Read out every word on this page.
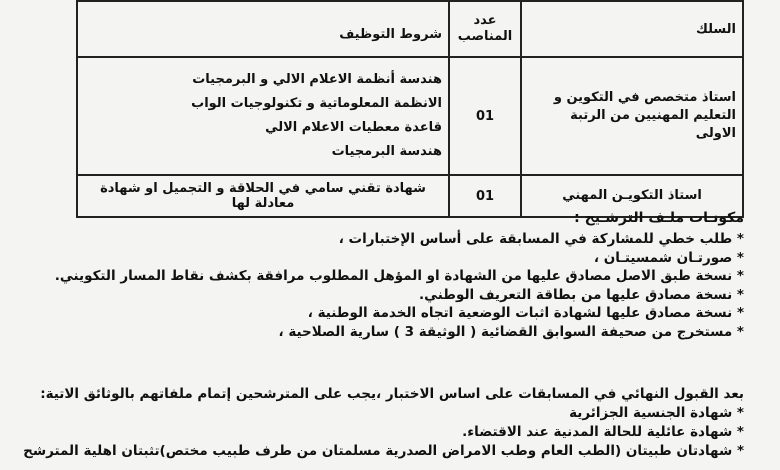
السلك	عدد المناصب	شروط التوظيف
استاذ متخصص في التكوين و التعليم المهنيين من الرتبة الاولى	01	هندسة أنظمة الاعلام الالي و البرمجيات
الانظمة المعلوماتية و تكنولوجيات الواب
قاعدة معطيات الاعلام الالي
هندسة البرمجيات

استاذ التكويـن المهني	01	شهادة تقني سامي في الحلاقة و التجميل او شهادة معادلة لها
مكونـات ملـف الترشـيح :
* طلب خطي للمشاركة في المسابقة على أساس الإختبارات ،
* صورتـان شمسيتـان ،
* نسخة طبق الاصل مصادق عليها من الشهادة او المؤهل المطلوب مرافقة بكشف نقاط المسار التكويني.
* نسخة مصادق عليها من بطاقة التعريف الوطني.
* نسخة مصادق عليها لشهادة اثبات الوضعية اتجاه الخدمة الوطنية ،
* مستخرج من صحيفة السوابق القضائية ( الوثيقة 3 ) سارية الصلاحية ،
بعد القبول النهائي في المسابقات على اساس الاختبار ،يجب على المترشحين إتمام ملفاتهم بالوثائق الاتية:
* شهادة الجنسية الجزائرية
* شهادة عائلية للحالة المدنية عند الاقتضاء.
* شهادتان طبيتان (الطب العام وطب الامراض الصدرية مسلمتان من طرف طبيب مختص)تثبتان اهلية المترشح
